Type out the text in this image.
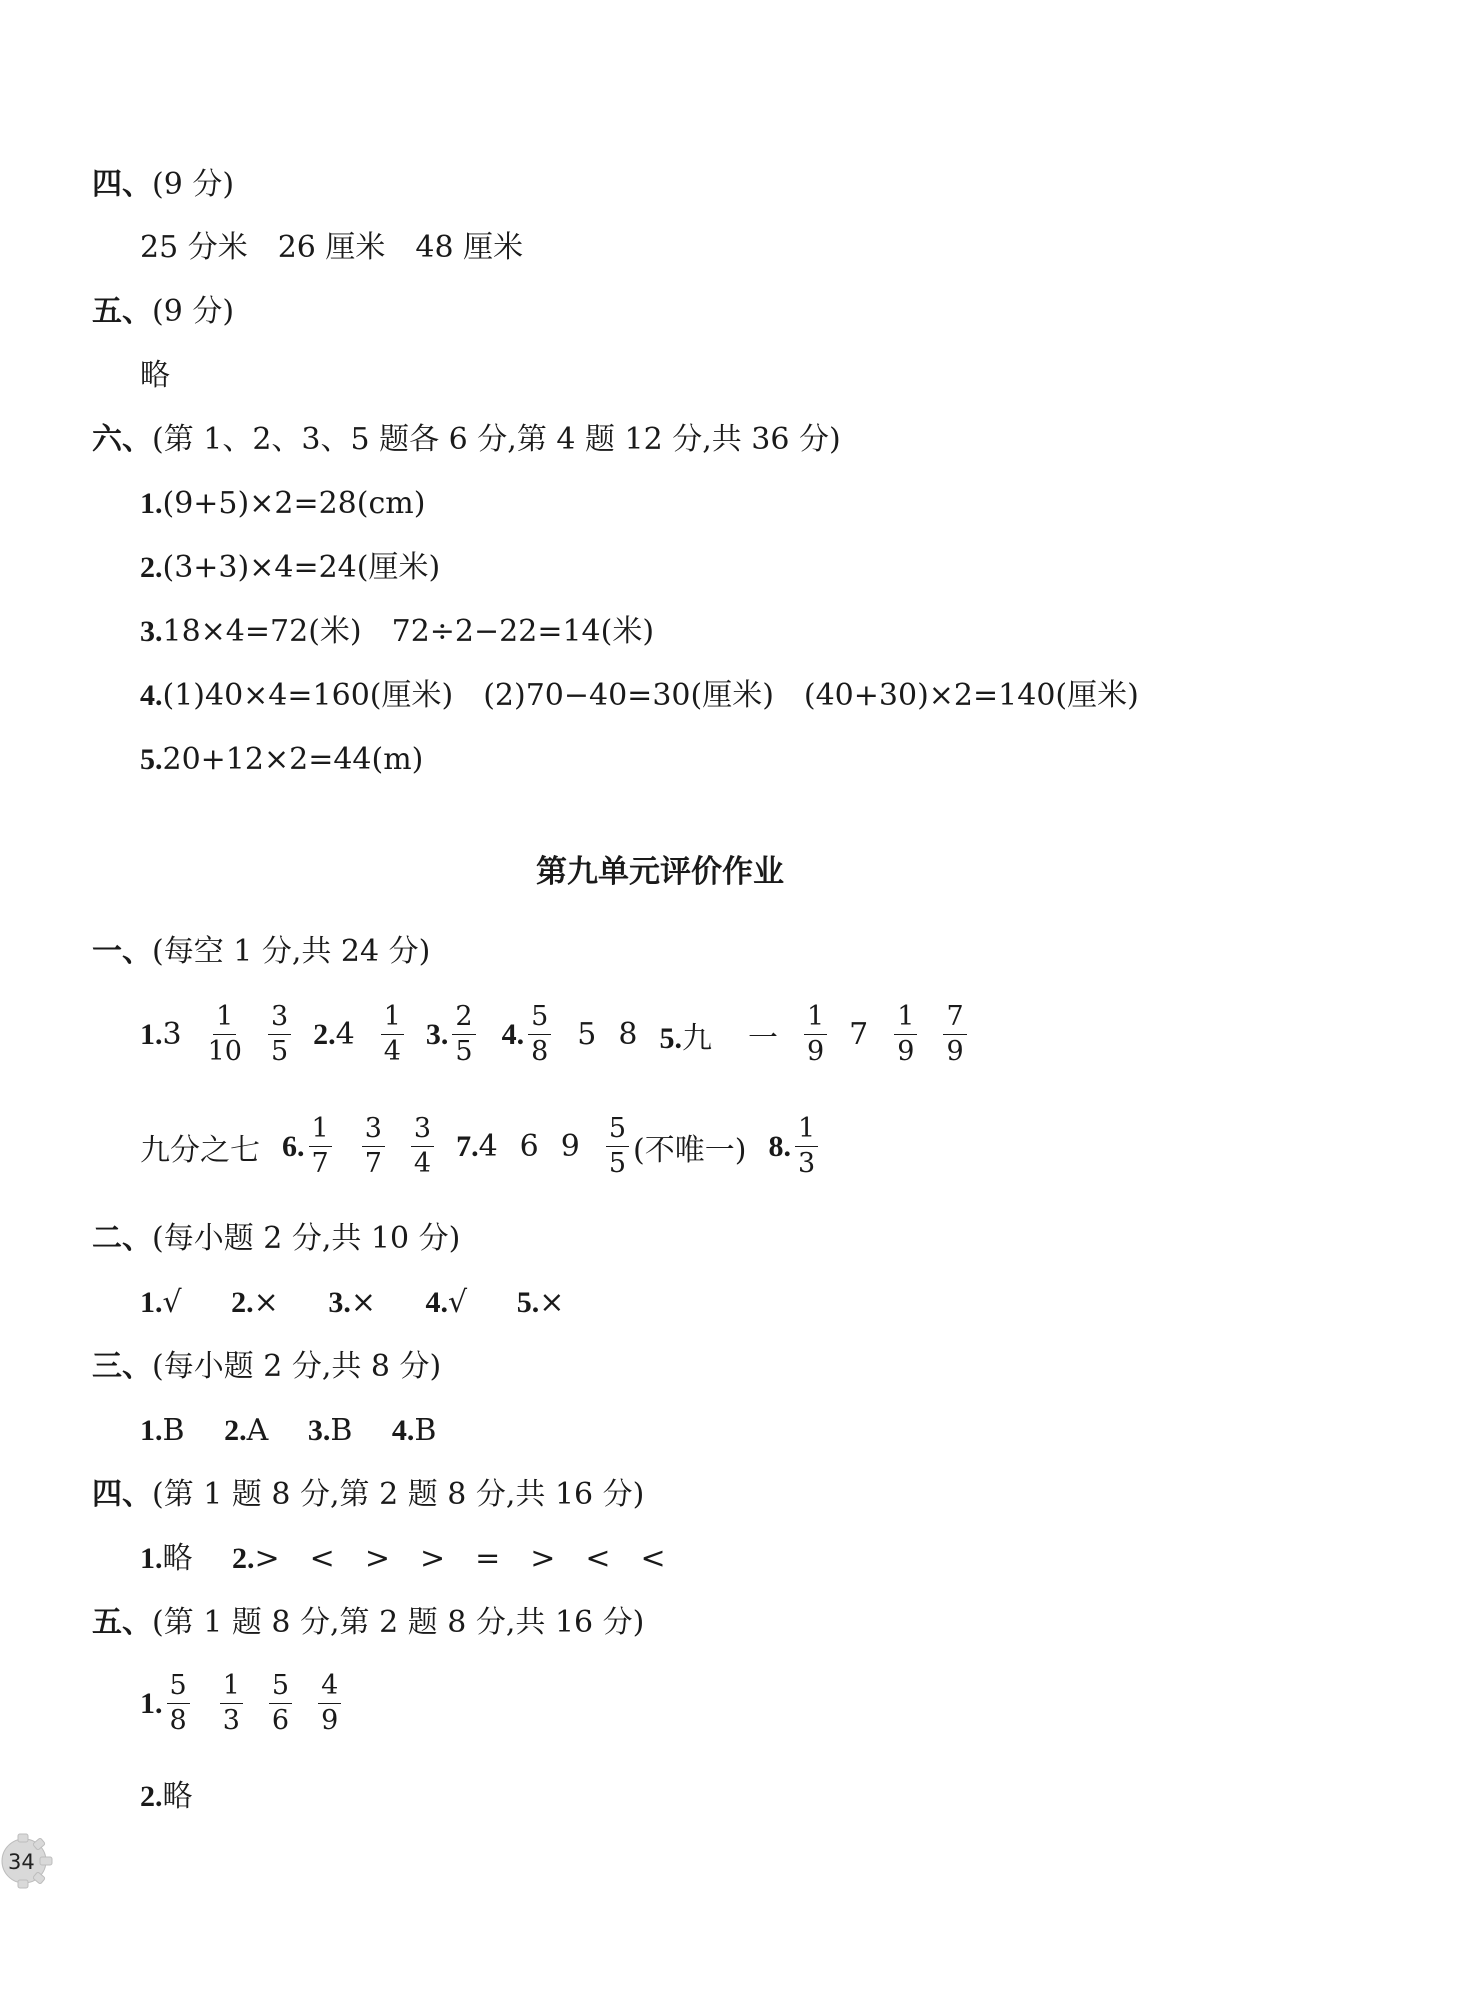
四、(9 分)
25 分米　26 厘米　48 厘米
五、(9 分)
略
六、(第 1、2、3、5 题各 6 分,第 4 题 12 分,共 36 分)
1.(9+5)×2=28(cm)
2.(3+3)×4=24(厘米)
3.18×4=72(米)　72÷2−22=14(米)
4.(1)40×4=160(厘米)　(2)70−40=30(厘米)　(40+30)×2=140(厘米)
5.20+12×2=44(m)
第九单元评价作业
一、(每空 1 分,共 24 分)
$1.3 \frac{1}{10} \frac{3}{5} 2.4 \frac{1}{4} 3$. $\frac{2}{5} 4$. $\frac{5}{8} 5$ 8 5.九 一 $\frac{1}{9} 7 \frac{1}{9} \frac{7}{9}$
九分之七 6. $\frac{1}{7} \frac{3}{7} \frac{3}{4} 7.4$ 6 $9 \frac{5}{5}$ (不唯一) 8. $\frac{1}{3}$
二、(每小题 2 分,共 10 分)
1.√ 2.× 3.× 4.√ 5.×
三、(每小题 2 分,共 8 分)
1.B 2.A 3.B 4.B
四、(第 1 题 8 分,第 2 题 8 分,共 16 分)
1.略 2.>　<　>　>　=　>　<　<
五、(第 1 题 8 分,第 2 题 8 分,共 16 分)
1. $\frac{5}{8} \frac{1}{3} \frac{5}{6} \frac{4}{9}$
2.略
34
